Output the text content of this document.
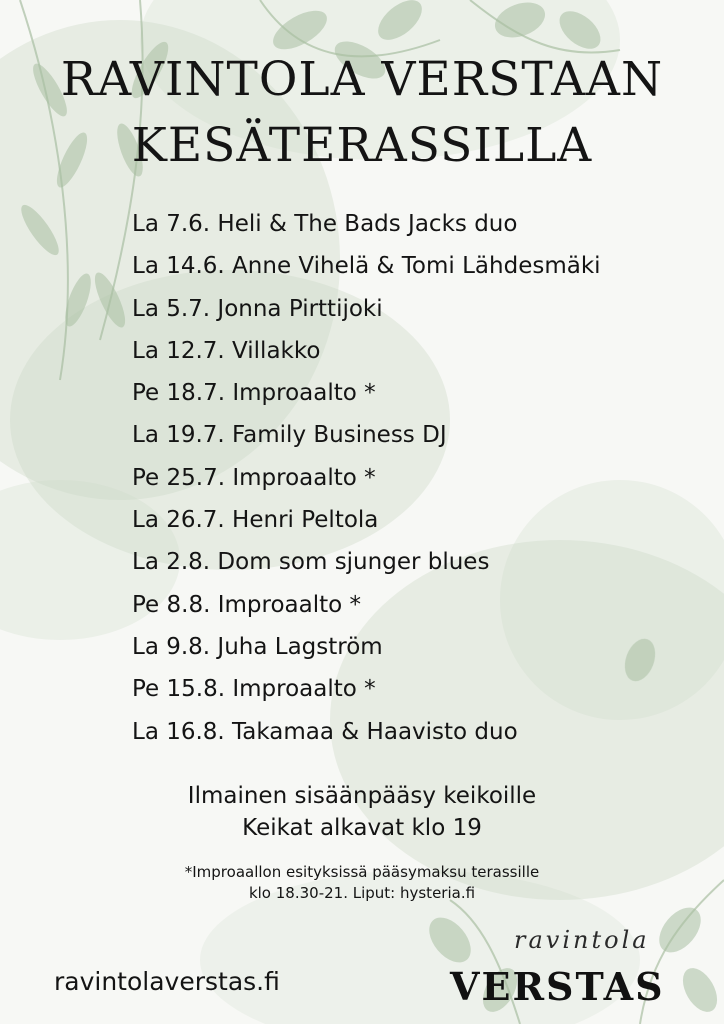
RAVINTOLA VERSTAAN
KESÄTERASSILLA
La 7.6. Heli & The Bads Jacks duo
La 14.6. Anne Vihelä & Tomi Lähdesmäki
La 5.7. Jonna Pirttijoki
La 12.7. Villakko
Pe 18.7. Improaalto *
La 19.7. Family Business DJ
Pe 25.7. Improaalto *
La 26.7. Henri Peltola
La 2.8. Dom som sjunger blues
Pe 8.8. Improaalto *
La 9.8. Juha Lagström
Pe 15.8. Improaalto *
La 16.8. Takamaa & Haavisto duo
Ilmainen sisäänpääsy keikoille
Keikat alkavat klo 19
*Improaallon esityksissä pääsymaksu terassille
klo 18.30-21. Liput: hysteria.fi
ravintolaverstas.fi
ravintola
VERSTAS
